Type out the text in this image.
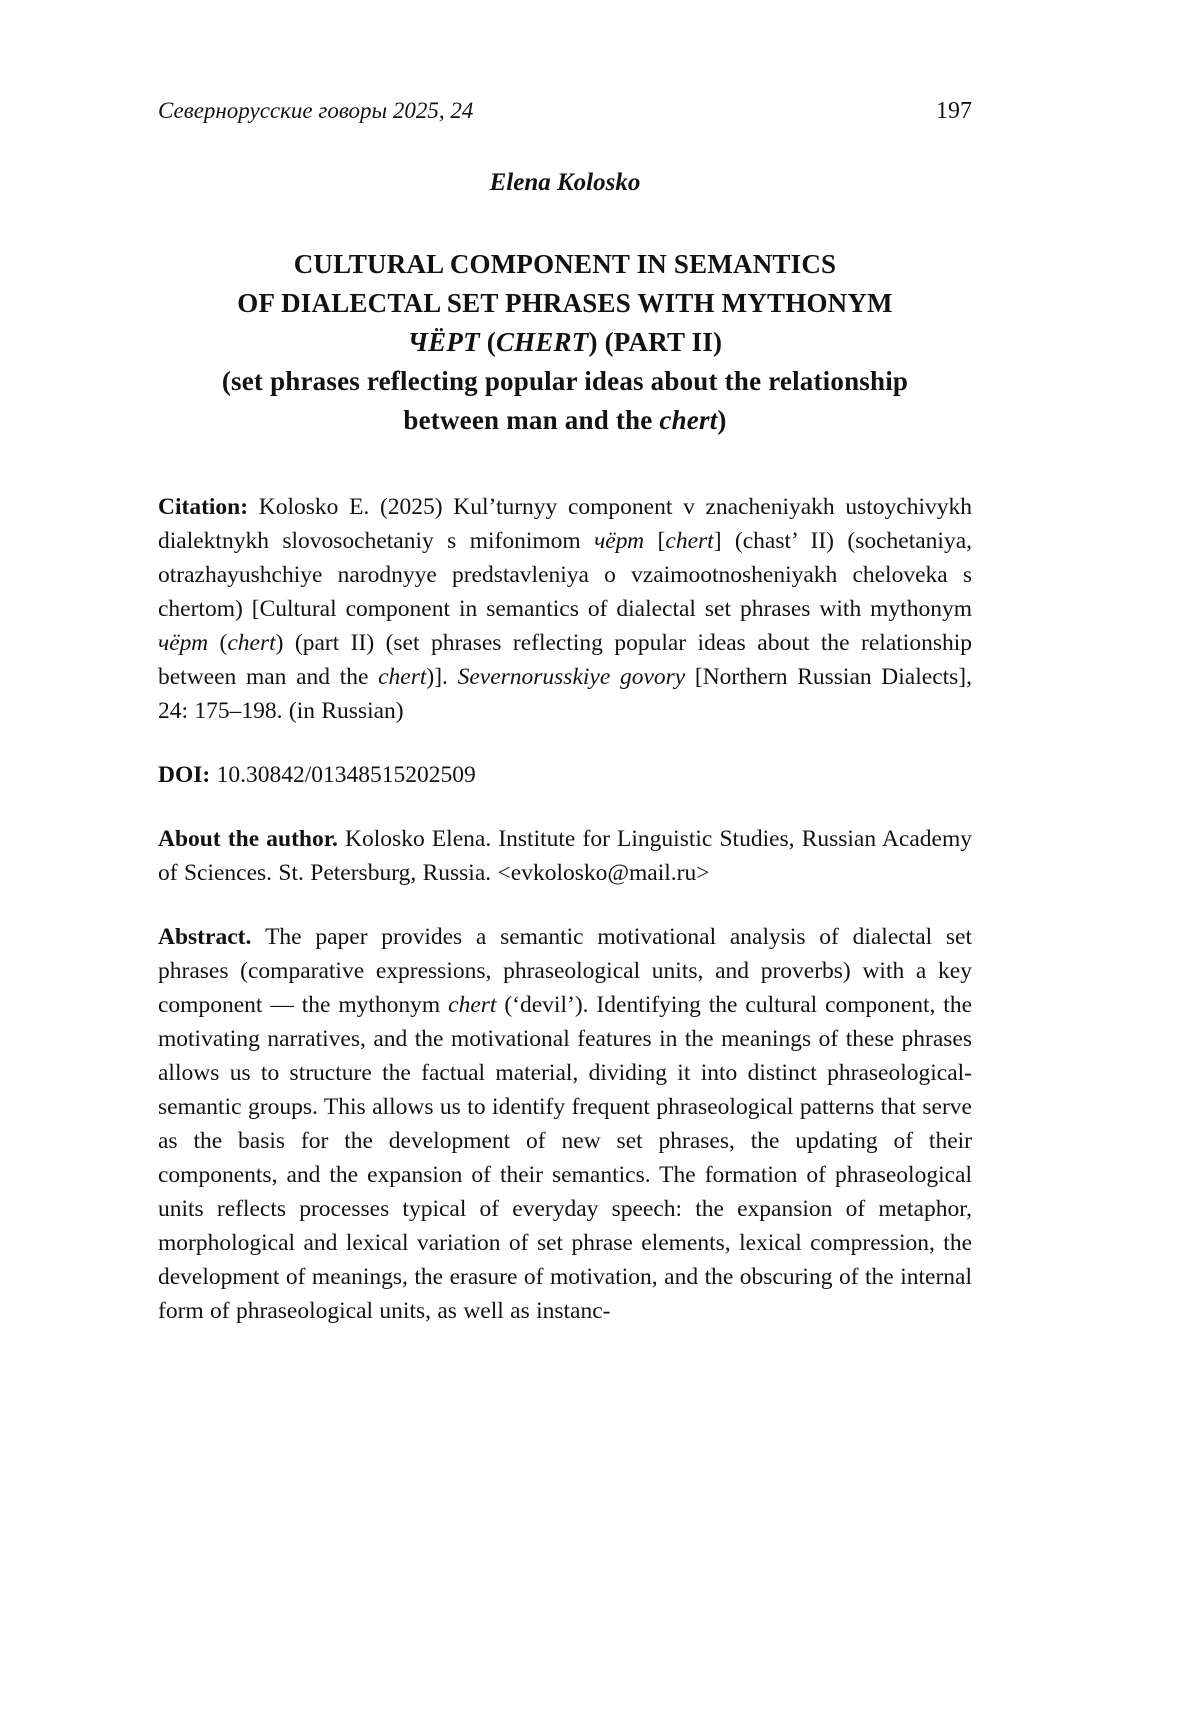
Севернорусские говоры 2025, 24	197
Elena Kolosko
CULTURAL COMPONENT IN SEMANTICS
OF DIALECTAL SET PHRASES WITH MYTHONYM
ЧЁРТ (CHERT) (PART II)
(set phrases reflecting popular ideas about the relationship
between man and the chert)

Citation: Kolosko E. (2025) Kul’turnyy component v znacheniyakh ustoychivykh dialektnykh slovosochetaniy s mifonimom чёрт [chert] (chast’ II) (sochetaniya, otrazhayushchiye narodnyye predstavleniya o vzaimootnosheniyakh cheloveka s chertom) [Cultural component in semantics of dialectal set phrases with mythonym чёрт (chert) (part II) (set phrases reflecting popular ideas about the relationship between man and the chert)]. Severnorusskiye govory [Northern Russian Dialects], 24: 175–198. (in Russian)

DOI: 10.30842/01348515202509

About the author. Kolosko Elena. Institute for Linguistic Studies, Russian Academy of Sciences. St. Petersburg, Russia. <evkolosko@mail.ru>

Abstract. The paper provides a semantic motivational analysis of dialectal set phrases (comparative expressions, phraseological units, and proverbs) with a key component — the mythonym chert (‘devil’). Identifying the cultural component, the motivating narratives, and the motivational features in the meanings of these phrases allows us to structure the factual material, dividing it into distinct phraseological-semantic groups. This allows us to identify frequent phraseological patterns that serve as the basis for the development of new set phrases, the updating of their components, and the expansion of their semantics. The formation of phraseological units reflects processes typical of everyday speech: the expansion of metaphor, morphological and lexical variation of set phrase elements, lexical compression, the development of meanings, the erasure of motivation, and the obscuring of the internal form of phraseological units, as well as instanc-
